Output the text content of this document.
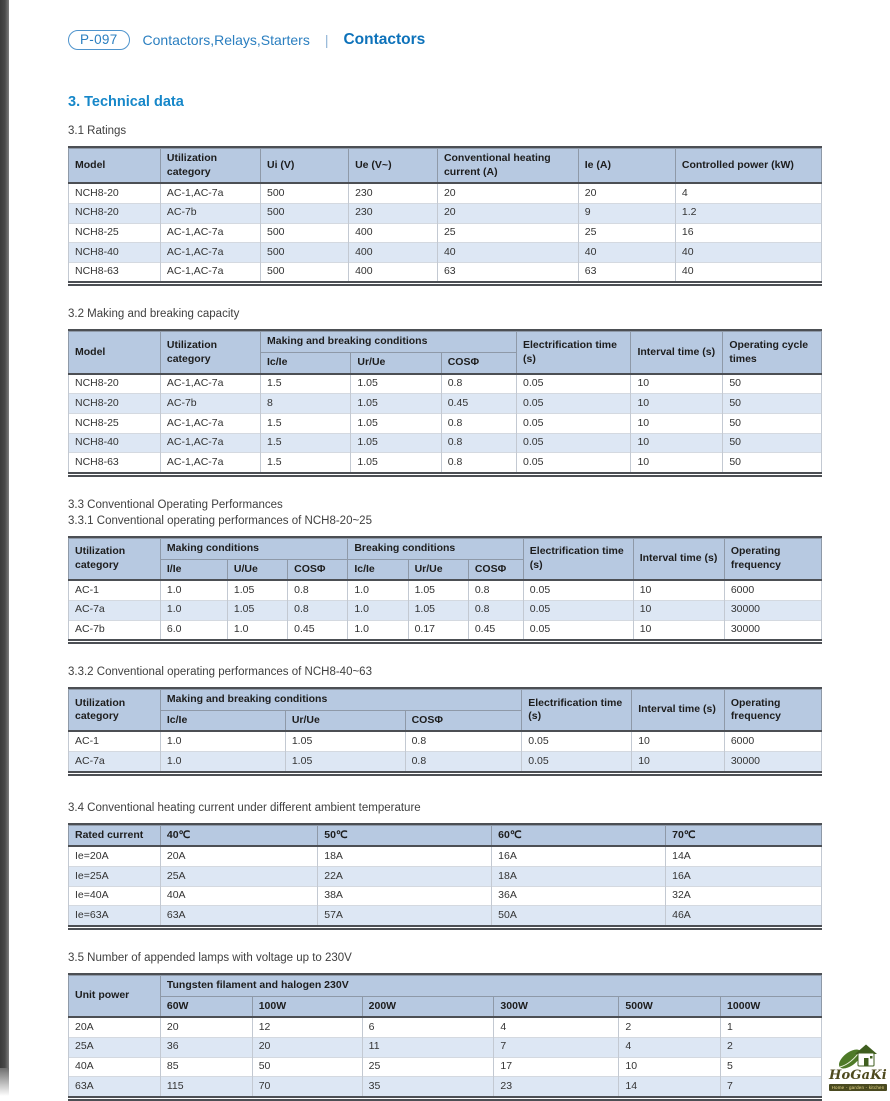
P-097	Contactors,Relays,Starters | Contactors
3. Technical data
3.1 Ratings
Model	Utilization category	Ui (V)	Ue (V~)	Conventional heating current (A)	Ie (A)	Controlled power (kW)
NCH8-20	AC-1,AC-7a	500	230	20	20	4
NCH8-20	AC-7b	500	230	20	9	1.2
NCH8-25	AC-1,AC-7a	500	400	25	25	16
NCH8-40	AC-1,AC-7a	500	400	40	40	40
NCH8-63	AC-1,AC-7a	500	400	63	63	40
3.2 Making and breaking capacity
Model	Utilization category	Making and breaking conditions			Electrification time (s)	Interval time (s)	Operating cycle times
		Ic/Ie	Ur/Ue	COSΦ			
NCH8-20	AC-1,AC-7a	1.5	1.05	0.8	0.05	10	50
NCH8-20	AC-7b	8	1.05	0.45	0.05	10	50
NCH8-25	AC-1,AC-7a	1.5	1.05	0.8	0.05	10	50
NCH8-40	AC-1,AC-7a	1.5	1.05	0.8	0.05	10	50
NCH8-63	AC-1,AC-7a	1.5	1.05	0.8	0.05	10	50
3.3 Conventional Operating Performances
3.3.1 Conventional operating performances of NCH8-20~25
Utilization category	Making conditions			Breaking conditions			Electrification time (s)	Interval time (s)	Operating frequency
	I/Ie	U/Ue	COSΦ	Ic/Ie	Ur/Ue	COSΦ			
AC-1	1.0	1.05	0.8	1.0	1.05	0.8	0.05	10	6000
AC-7a	1.0	1.05	0.8	1.0	1.05	0.8	0.05	10	30000
AC-7b	6.0	1.0	0.45	1.0	0.17	0.45	0.05	10	30000
3.3.2 Conventional operating performances of NCH8-40~63
Utilization category	Making and breaking conditions			Electrification time (s)	Interval time (s)	Operating frequency
	Ic/Ie	Ur/Ue	COSΦ			
AC-1	1.0	1.05	0.8	0.05	10	6000
AC-7a	1.0	1.05	0.8	0.05	10	30000
3.4 Conventional heating current under different ambient temperature
Rated current	40℃	50℃	60℃	70℃
Ie=20A	20A	18A	16A	14A
Ie=25A	25A	22A	18A	16A
Ie=40A	40A	38A	36A	32A
Ie=63A	63A	57A	50A	46A
3.5 Number of appended lamps with voltage up to 230V
Unit power	Tungsten filament and halogen 230V					
	60W	100W	200W	300W	500W	1000W
20A	20	12	6	4	2	1
25A	36	20	11	7	4	2
40A	85	50	25	17	10	5
63A	115	70	35	23	14	7
HoGaKi
Home - garden - kitchen
